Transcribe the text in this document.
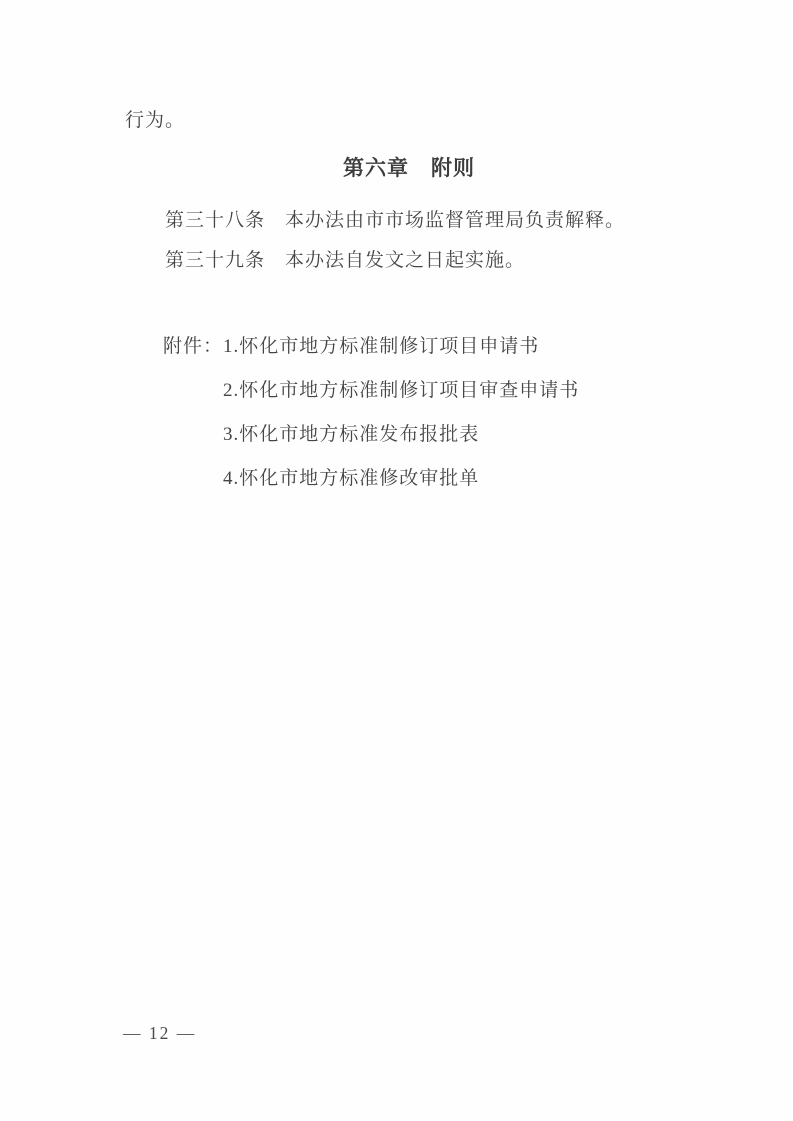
行为。

第六章　附则

第三十八条　本办法由市市场监督管理局负责解释。

第三十九条　本办法自发文之日起实施。

附件： 1.怀化市地方标准制修订项目申请书
2.怀化市地方标准制修订项目审查申请书
3.怀化市地方标准发布报批表
4.怀化市地方标准修改审批单
— 12 —
